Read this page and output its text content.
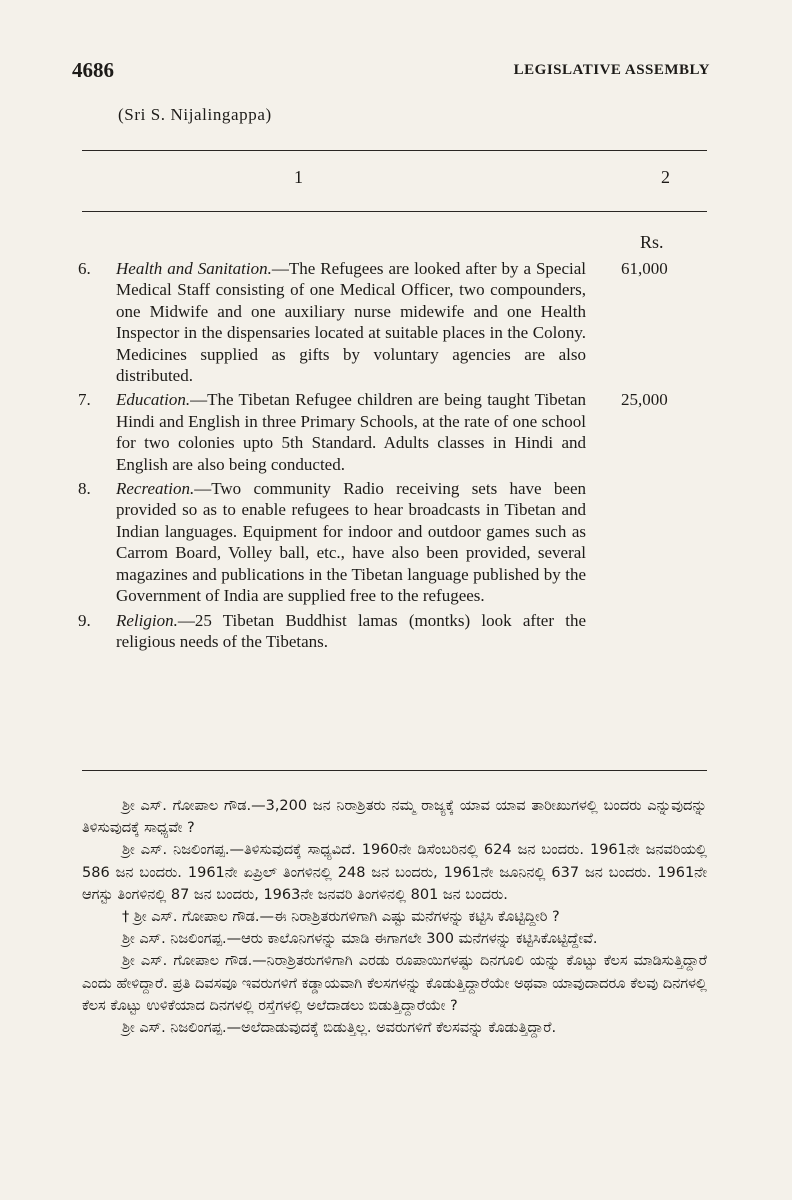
4686	LEGISLATIVE ASSEMBLY
(Sri S. Nijalingappa)
1	2
Rs.
6. Health and Sanitation.—The Refugees are looked after by a Special Medical Staff consisting of one Medical Officer, two compounders, one Midwife and one auxiliary nurse midewife and one Health Inspector in the dispensaries located at suitable places in the Colony. Medicines supplied as gifts by voluntary agencies are also distributed.
61,000
7. Education.—The Tibetan Refugee children are being taught Tibetan Hindi and English in three Primary Schools, at the rate of one school for two colonies upto 5th Standard. Adults classes in Hindi and English are also being conducted.
25,000
8. Recreation.—Two community Radio receiving sets have been provided so as to enable refugees to hear broadcasts in Tibetan and Indian languages. Equipment for indoor and outdoor games such as Carrom Board, Volley ball, etc., have also been provided, several magazines and publications in the Tibetan language published by the Government of India are supplied free to the refugees.
9. Religion.—25 Tibetan Buddhist lamas (montks) look after the religious needs of the Tibetans.

ಶ್ರೀ ಎಸ್. ಗೋಪಾಲ ಗೌಡ.—3,200 ಜನ ನಿರಾಶ್ರಿತರು ನಮ್ಮ ರಾಜ್ಯಕ್ಕೆ ಯಾವ ಯಾವ ತಾರೀಖುಗಳಲ್ಲಿ ಬಂದರು ಎನ್ನುವುದನ್ನು ತಿಳಿಸುವುದಕ್ಕೆ ಸಾಧ್ಯವೇ ?

ಶ್ರೀ ಎಸ್. ನಿಜಲಿಂಗಪ್ಪ.—ತಿಳಿಸುವುದಕ್ಕೆ ಸಾಧ್ಯವಿದೆ. 1960ನೇ ಡಿಸೆಂಬರಿನಲ್ಲಿ 624 ಜನ ಬಂದರು. 1961ನೇ ಜನವರಿಯಲ್ಲಿ 586 ಜನ ಬಂದರು. 1961ನೇ ಏಪ್ರಿಲ್ ತಿಂಗಳಿನಲ್ಲಿ 248 ಜನ ಬಂದರು, 1961ನೇ ಜೂನಿನಲ್ಲಿ 637 ಜನ ಬಂದರು. 1961ನೇ ಆಗಸ್ಟು ತಿಂಗಳಿನಲ್ಲಿ 87 ಜನ ಬಂದರು, 1963ನೇ ಜನವರಿ ತಿಂಗಳಿನಲ್ಲಿ 801 ಜನ ಬಂದರು.

† ಶ್ರೀ ಎಸ್. ಗೋಪಾಲ ಗೌಡ.—ಈ ನಿರಾಶ್ರಿತರುಗಳಿಗಾಗಿ ಎಷ್ಟು ಮನೆಗಳನ್ನು ಕಟ್ಟಿಸಿ ಕೊಟ್ಟಿದ್ದೀರಿ ?

ಶ್ರೀ ಎಸ್. ನಿಜಲಿಂಗಪ್ಪ.—ಆರು ಕಾಲೊನಿಗಳನ್ನು ಮಾಡಿ ಈಗಾಗಲೇ 300 ಮನೆಗಳನ್ನು ಕಟ್ಟಿಸಿಕೊಟ್ಟಿದ್ದೇವೆ.

ಶ್ರೀ ಎಸ್. ಗೋಪಾಲ ಗೌಡ.—ನಿರಾಶ್ರಿತರುಗಳಿಗಾಗಿ ಎರಡು ರೂಪಾಯಿಗಳಷ್ಟು ದಿನಗೂಲಿ ಯನ್ನು ಕೊಟ್ಟು ಕೆಲಸ ಮಾಡಿಸುತ್ತಿದ್ದಾರೆ ಎಂದು ಹೇಳಿದ್ದಾರೆ. ಪ್ರತಿ ದಿವಸವೂ ಇವರುಗಳಿಗೆ ಕಡ್ಡಾಯವಾಗಿ ಕೆಲಸಗಳನ್ನು ಕೊಡುತ್ತಿದ್ದಾರೆಯೇ ಅಥವಾ ಯಾವುದಾದರೂ ಕೆಲವು ದಿನಗಳಲ್ಲಿ ಕೆಲಸ ಕೊಟ್ಟು ಉಳಿಕೆಯಾದ ದಿನಗಳಲ್ಲಿ ರಸ್ತೆಗಳಲ್ಲಿ ಅಲೆದಾಡಲು ಬಿಡುತ್ತಿದ್ದಾರೆಯೇ ?

ಶ್ರೀ ಎಸ್. ನಿಜಲಿಂಗಪ್ಪ.—ಅಲೆದಾಡುವುದಕ್ಕೆ ಬಿಡುತ್ತಿಲ್ಲ. ಅವರುಗಳಿಗೆ ಕೆಲಸವನ್ನು ಕೊಡುತ್ತಿದ್ದಾರೆ.
